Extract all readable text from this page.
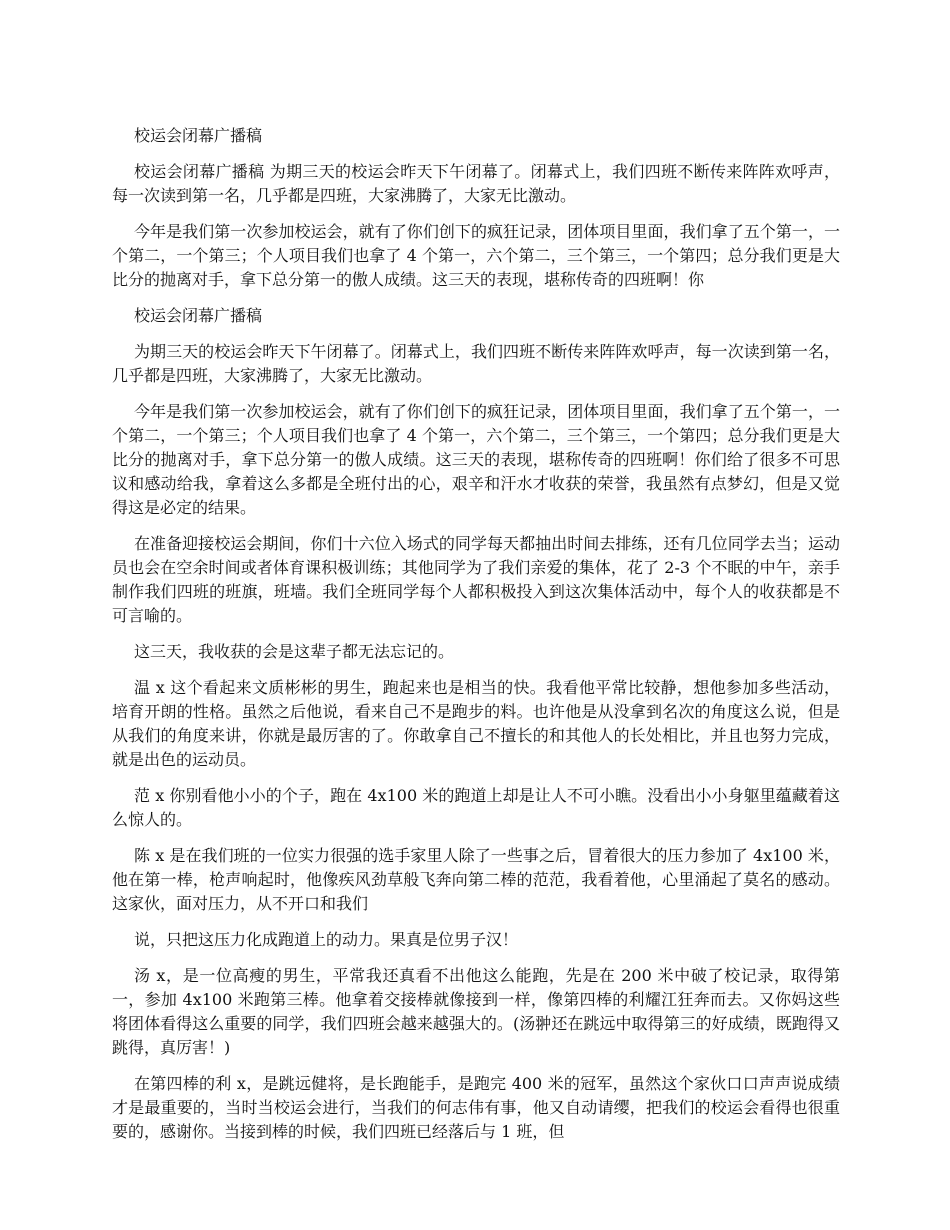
校运会闭幕广播稿

校运会闭幕广播稿 为期三天的校运会昨天下午闭幕了。闭幕式上，我们四班不断传来阵阵欢呼声，每一次读到第一名，几乎都是四班，大家沸腾了，大家无比激动。

今年是我们第一次参加校运会，就有了你们创下的疯狂记录，团体项目里面，我们拿了五个第一，一个第二，一个第三；个人项目我们也拿了 4 个第一，六个第二，三个第三，一个第四；总分我们更是大比分的抛离对手，拿下总分第一的傲人成绩。这三天的表现，堪称传奇的四班啊！你

校运会闭幕广播稿

为期三天的校运会昨天下午闭幕了。闭幕式上，我们四班不断传来阵阵欢呼声，每一次读到第一名，几乎都是四班，大家沸腾了，大家无比激动。

今年是我们第一次参加校运会，就有了你们创下的疯狂记录，团体项目里面，我们拿了五个第一，一个第二，一个第三；个人项目我们也拿了 4 个第一，六个第二，三个第三，一个第四；总分我们更是大比分的抛离对手，拿下总分第一的傲人成绩。这三天的表现，堪称传奇的四班啊！你们给了很多不可思议和感动给我，拿着这么多都是全班付出的心，艰辛和汗水才收获的荣誉，我虽然有点梦幻，但是又觉得这是必定的结果。

在准备迎接校运会期间，你们十六位入场式的同学每天都抽出时间去排练，还有几位同学去当；运动员也会在空余时间或者体育课积极训练；其他同学为了我们亲爱的集体，花了 2-3 个不眠的中午，亲手制作我们四班的班旗，班墙。我们全班同学每个人都积极投入到这次集体活动中，每个人的收获都是不可言喻的。

这三天，我收获的会是这辈子都无法忘记的。

温 x 这个看起来文质彬彬的男生，跑起来也是相当的快。我看他平常比较静，想他参加多些活动，培育开朗的性格。虽然之后他说，看来自己不是跑步的料。也许他是从没拿到名次的角度这么说，但是从我们的角度来讲，你就是最厉害的了。你敢拿自己不擅长的和其他人的长处相比，并且也努力完成，就是出色的运动员。

范 x 你别看他小小的个子，跑在 4x100 米的跑道上却是让人不可小瞧。没看出小小身躯里蕴藏着这么惊人的。

陈 x 是在我们班的一位实力很强的选手家里人除了一些事之后，冒着很大的压力参加了 4x100 米，他在第一棒，枪声响起时，他像疾风劲草般飞奔向第二棒的范范，我看着他，心里涌起了莫名的感动。这家伙，面对压力，从不开口和我们

说，只把这压力化成跑道上的动力。果真是位男子汉！

汤 x，是一位高瘦的男生，平常我还真看不出他这么能跑，先是在 200 米中破了校记录，取得第一，参加 4x100 米跑第三棒。他拿着交接棒就像接到一样，像第四棒的利耀江狂奔而去。又你妈这些将团体看得这么重要的同学，我们四班会越来越强大的。(汤翀还在跳远中取得第三的好成绩，既跑得又跳得，真厉害！)

在第四棒的利 x，是跳远健将，是长跑能手，是跑完 400 米的冠军，虽然这个家伙口口声声说成绩才是最重要的，当时当校运会进行，当我们的何志伟有事，他又自动请缨，把我们的校运会看得也很重要的，感谢你。当接到棒的时候，我们四班已经落后与 1 班，但
